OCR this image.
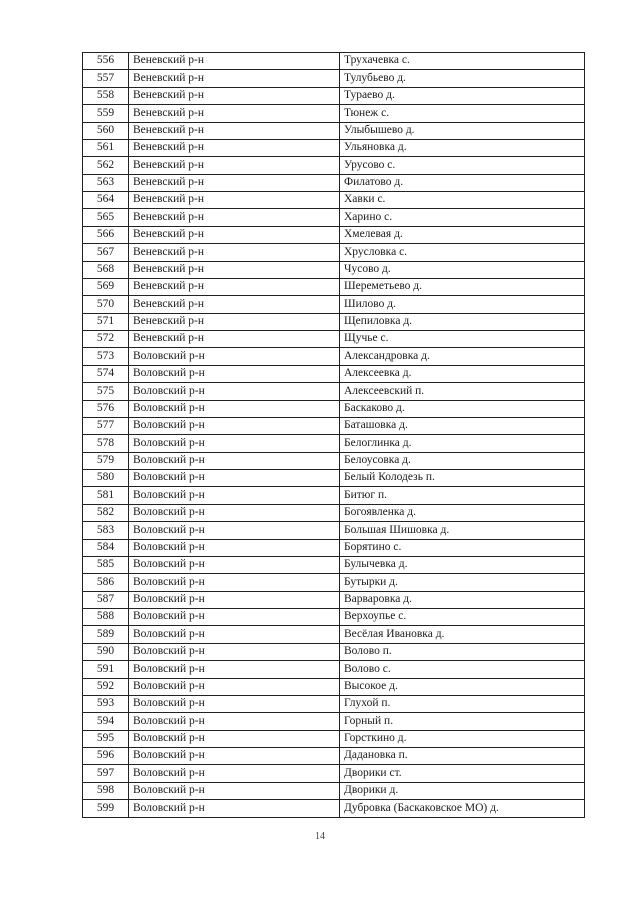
556	Веневский р-н	Трухачевка с.
557	Веневский р-н	Тулубьево д.
558	Веневский р-н	Тураево д.
559	Веневский р-н	Тюнеж с.
560	Веневский р-н	Улыбышево д.
561	Веневский р-н	Ульяновка д.
562	Веневский р-н	Урусово с.
563	Веневский р-н	Филатово д.
564	Веневский р-н	Хавки с.
565	Веневский р-н	Харино с.
566	Веневский р-н	Хмелевая д.
567	Веневский р-н	Хрусловка с.
568	Веневский р-н	Чусово д.
569	Веневский р-н	Шереметьево д.
570	Веневский р-н	Шилово д.
571	Веневский р-н	Щепиловка д.
572	Веневский р-н	Щучье с.
573	Воловский р-н	Александровка д.
574	Воловский р-н	Алексеевка д.
575	Воловский р-н	Алексеевский п.
576	Воловский р-н	Баскаково д.
577	Воловский р-н	Баташовка д.
578	Воловский р-н	Белоглинка д.
579	Воловский р-н	Белоусовка д.
580	Воловский р-н	Белый Колодезь п.
581	Воловский р-н	Битюг п.
582	Воловский р-н	Богоявленка д.
583	Воловский р-н	Большая Шишовка д.
584	Воловский р-н	Борятино с.
585	Воловский р-н	Булычевка д.
586	Воловский р-н	Бутырки д.
587	Воловский р-н	Варваровка д.
588	Воловский р-н	Верхоупье с.
589	Воловский р-н	Весёлая Ивановка д.
590	Воловский р-н	Волово п.
591	Воловский р-н	Волово с.
592	Воловский р-н	Высокое д.
593	Воловский р-н	Глухой п.
594	Воловский р-н	Горный п.
595	Воловский р-н	Горсткино д.
596	Воловский р-н	Дадановка п.
597	Воловский р-н	Дворики ст.
598	Воловский р-н	Дворики д.
599	Воловский р-н	Дубровка (Баскаковское МО) д.
14
